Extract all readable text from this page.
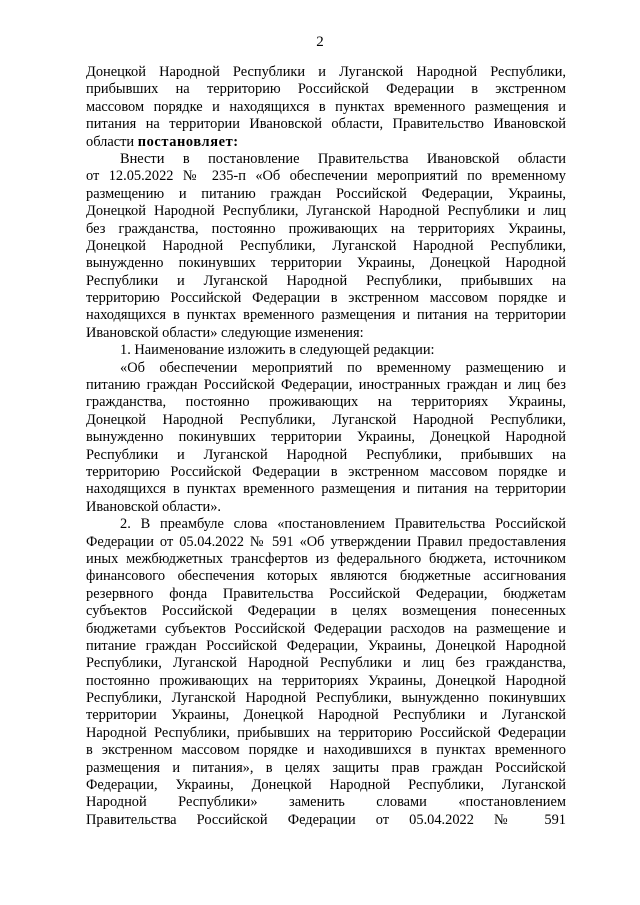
2
Донецкой Народной Республики и Луганской Народной Республики,
прибывших на территорию Российской Федерации в экстренном
массовом порядке и находящихся в пунктах временного размещения и
питания на территории Ивановской области, Правительство Ивановской
области постановляет:
Внести в постановление Правительства Ивановской области
от 12.05.2022 № 235-п «Об обеспечении мероприятий по временному
размещению и питанию граждан Российской Федерации, Украины,
Донецкой Народной Республики, Луганской Народной Республики и лиц
без гражданства, постоянно проживающих на территориях Украины,
Донецкой Народной Республики, Луганской Народной Республики,
вынужденно покинувших территории Украины, Донецкой Народной
Республики и Луганской Народной Республики, прибывших на
территорию Российской Федерации в экстренном массовом порядке и
находящихся в пунктах временного размещения и питания на территории
Ивановской области» следующие изменения:
1. Наименование изложить в следующей редакции:
«Об обеспечении мероприятий по временному размещению и
питанию граждан Российской Федерации, иностранных граждан и лиц без
гражданства, постоянно проживающих на территориях Украины,
Донецкой Народной Республики, Луганской Народной Республики,
вынужденно покинувших территории Украины, Донецкой Народной
Республики и Луганской Народной Республики, прибывших на
территорию Российской Федерации в экстренном массовом порядке и
находящихся в пунктах временного размещения и питания на территории
Ивановской области».
2. В преамбуле слова «постановлением Правительства Российской
Федерации от 05.04.2022 № 591 «Об утверждении Правил предоставления
иных межбюджетных трансфертов из федерального бюджета, источником
финансового обеспечения которых являются бюджетные ассигнования
резервного фонда Правительства Российской Федерации, бюджетам
субъектов Российской Федерации в целях возмещения понесенных
бюджетами субъектов Российской Федерации расходов на размещение и
питание граждан Российской Федерации, Украины, Донецкой Народной
Республики, Луганской Народной Республики и лиц без гражданства,
постоянно проживающих на территориях Украины, Донецкой Народной
Республики, Луганской Народной Республики, вынужденно покинувших
территории Украины, Донецкой Народной Республики и Луганской
Народной Республики, прибывших на территорию Российской Федерации
в экстренном массовом порядке и находившихся в пунктах временного
размещения и питания», в целях защиты прав граждан Российской
Федерации, Украины, Донецкой Народной Республики, Луганской
Народной Республики» заменить словами «постановлением
Правительства Российской Федерации от 05.04.2022 № 591
